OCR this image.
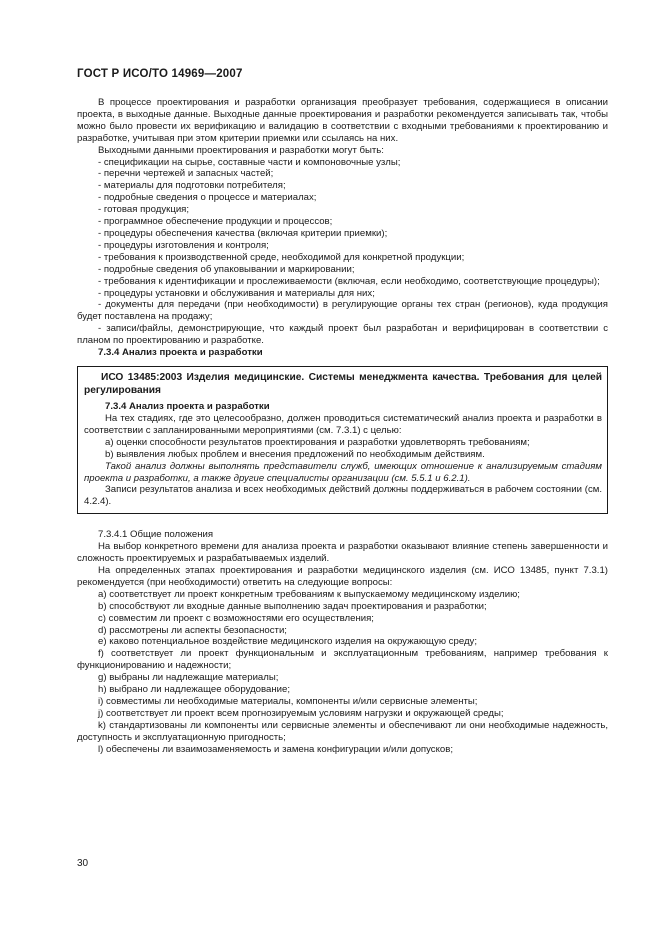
ГОСТ Р ИСО/ТО 14969—2007

В процессе проектирования и разработки организация преобразует требования, содержащиеся в описании проекта, в выходные данные. Выходные данные проектирования и разработки рекомендуется записывать так, чтобы можно было провести их верификацию и валидацию в соответствии с входными требованиями к проектированию и разработке, учитывая при этом критерии приемки или ссылаясь на них.

Выходными данными проектирования и разработки могут быть:

- спецификации на сырье, составные части и компоновочные узлы;

- перечни чертежей и запасных частей;

- материалы для подготовки потребителя;

- подробные сведения о процессе и материалах;

- готовая продукция;

- программное обеспечение продукции и процессов;

- процедуры обеспечения качества (включая критерии приемки);

- процедуры изготовления и контроля;

- требования к производственной среде, необходимой для конкретной продукции;

- подробные сведения об упаковывании и маркировании;

- требования к идентификации и прослеживаемости (включая, если необходимо, соответствующие процедуры);

- процедуры установки и обслуживания и материалы для них;

- документы для передачи (при необходимости) в регулирующие органы тех стран (регионов), куда продукция будет поставлена на продажу;

- записи/файлы, демонстрирующие, что каждый проект был разработан и верифицирован в соответствии с планом по проектированию и разработке.

7.3.4 Анализ проекта и разработки

ИСО 13485:2003 Изделия медицинские. Системы менеджмента качества. Требования для целей регулирования

7.3.4 Анализ проекта и разработки

На тех стадиях, где это целесообразно, должен проводиться систематический анализ проекта и разработки в соответствии с запланированными мероприятиями (см. 7.3.1) с целью:

а) оценки способности результатов проектирования и разработки удовлетворять требованиям;

b) выявления любых проблем и внесения предложений по необходимым действиям.

Такой анализ должны выполнять представители служб, имеющих отношение к анализируемым стадиям проекта и разработки, а также другие специалисты организации (см. 5.5.1 и 6.2.1).

Записи результатов анализа и всех необходимых действий должны поддерживаться в рабочем состоянии (см. 4.2.4).

7.3.4.1 Общие положения

На выбор конкретного времени для анализа проекта и разработки оказывают влияние степень завершенности и сложность проектируемых и разрабатываемых изделий.

На определенных этапах проектирования и разработки медицинского изделия (см. ИСО 13485, пункт 7.3.1) рекомендуется (при необходимости) ответить на следующие вопросы:

a) соответствует ли проект конкретным требованиям к выпускаемому медицинскому изделию;

b) способствуют ли входные данные выполнению задач проектирования и разработки;

c) совместим ли проект с возможностями его осуществления;

d) рассмотрены ли аспекты безопасности;

e) каково потенциальное воздействие медицинского изделия на окружающую среду;

f) соответствует ли проект функциональным и эксплуатационным требованиям, например требования к функционированию и надежности;

g) выбраны ли надлежащие материалы;

h) выбрано ли надлежащее оборудование;

i) совместимы ли необходимые материалы, компоненты и/или сервисные элементы;

j) соответствует ли проект всем прогнозируемым условиям нагрузки и окружающей среды;

k) стандартизованы ли компоненты или сервисные элементы и обеспечивают ли они необходимые надежность, доступность и эксплуатационную пригодность;

l) обеспечены ли взаимозаменяемость и замена конфигурации и/или допусков;

30
